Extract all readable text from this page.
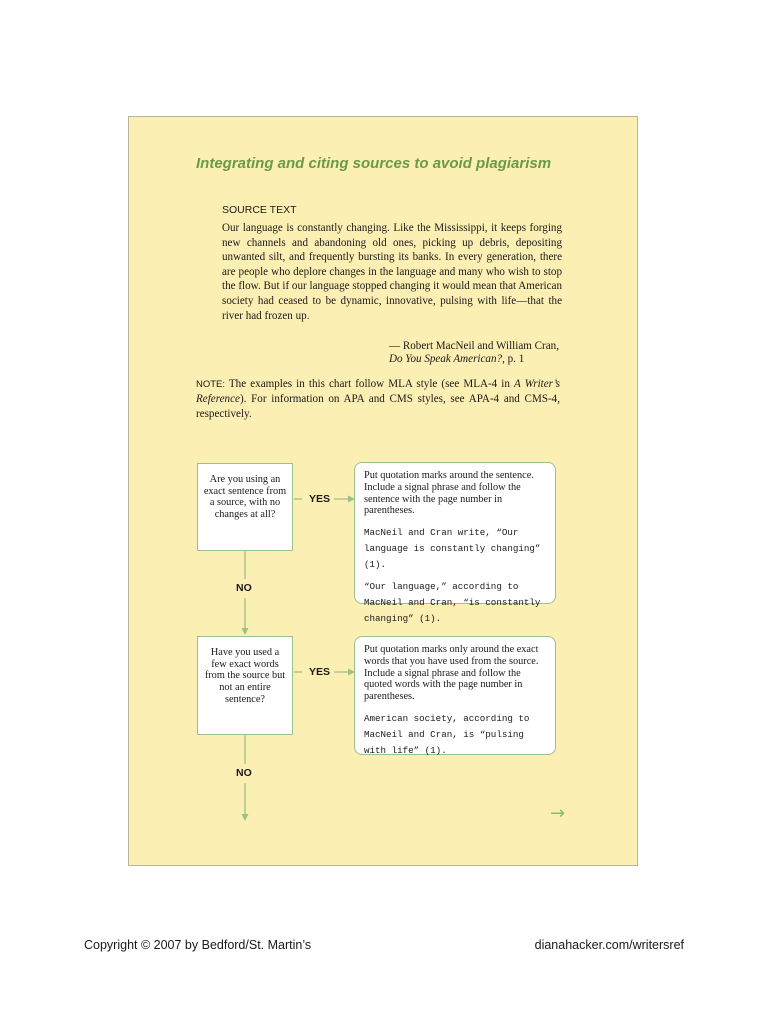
Integrating and citing sources to avoid plagiarism
SOURCE TEXT

Our language is constantly changing. Like the Mississippi, it keeps forging new channels and abandoning old ones, picking up debris, depositing unwanted silt, and frequently bursting its banks. In every generation, there are people who deplore changes in the language and many who wish to stop the flow. But if our language stopped changing it would mean that American society had ceased to be dynamic, innovative, pulsing with life—that the river had frozen up.

— Robert MacNeil and William Cran,
Do You Speak American?, p. 1

NOTE: The examples in this chart follow MLA style (see MLA-4 in A Writer’s Reference). For information on APA and CMS styles, see APA-4 and CMS-4, respectively.

Are you using an exact sentence from a source, with no changes at all?
YES
NO

Put quotation marks around the sentence. Include a signal phrase and follow the sentence with the page number in parentheses.

MacNeil and Cran write, “Our language is constantly changing” (1).

“Our language,” according to MacNeil and Cran, “is constantly changing” (1).

Have you used a few exact words from the source but not an entire sentence?
YES
NO

Put quotation marks only around the exact words that you have used from the source. Include a signal phrase and follow the quoted words with the page number in parentheses.

American society, according to MacNeil and Cran, is “pulsing with life” (1).

→
Copyright © 2007 by Bedford/St. Martin’s	dianahacker.com/writersref
